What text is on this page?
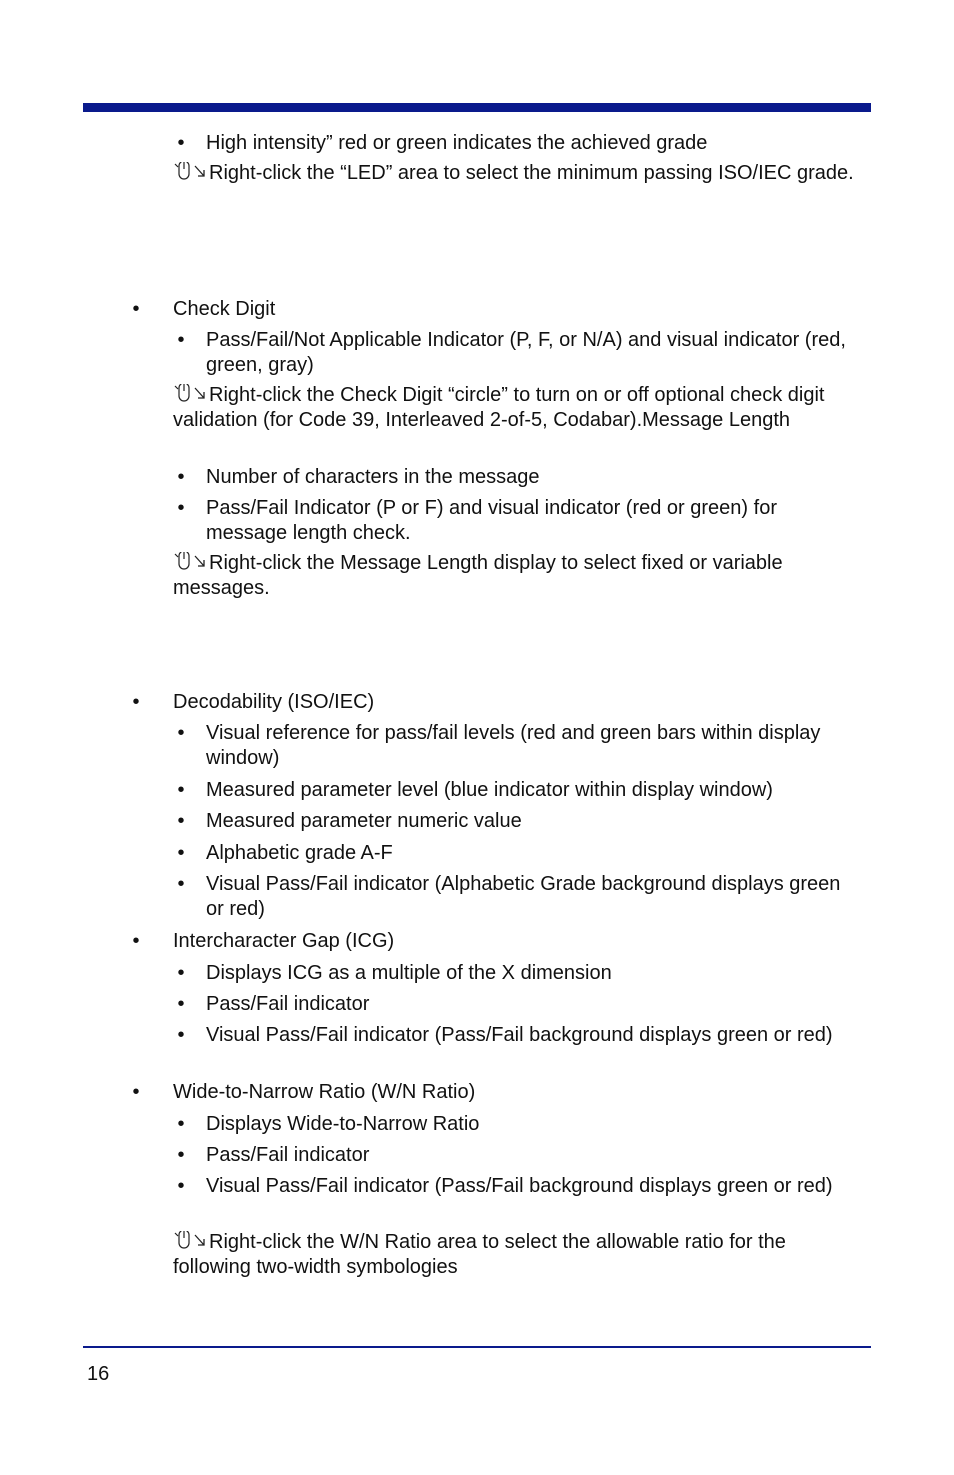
• High intensity” red or green indicates the achieved grade
Right-click the “LED” area to select the minimum passing ISO/IEC grade.
• Check Digit
• Pass/Fail/Not Applicable Indicator (P, F, or N/A) and visual indicator (red, green, gray)
Right-click the Check Digit “circle” to turn on or off optional check digit validation (for Code 39, Interleaved 2-of-5, Codabar).Message Length
• Number of characters in the message
• Pass/Fail Indicator (P or F) and visual indicator (red or green) for message length check.
Right-click the Message Length display to select fixed or variable messages.
• Decodability (ISO/IEC)
• Visual reference for pass/fail levels (red and green bars within display window)
• Measured parameter level (blue indicator within display window)
• Measured parameter numeric value
• Alphabetic grade A-F
• Visual Pass/Fail indicator (Alphabetic Grade background displays green or red)
• Intercharacter Gap (ICG)
• Displays ICG as a multiple of the X dimension
• Pass/Fail indicator
• Visual Pass/Fail indicator (Pass/Fail background displays green or red)
• Wide-to-Narrow Ratio (W/N Ratio)
• Displays Wide-to-Narrow Ratio
• Pass/Fail indicator
• Visual Pass/Fail indicator (Pass/Fail background displays green or red)
Right-click the W/N Ratio area to select the allowable ratio for the following two-width symbologies
16
